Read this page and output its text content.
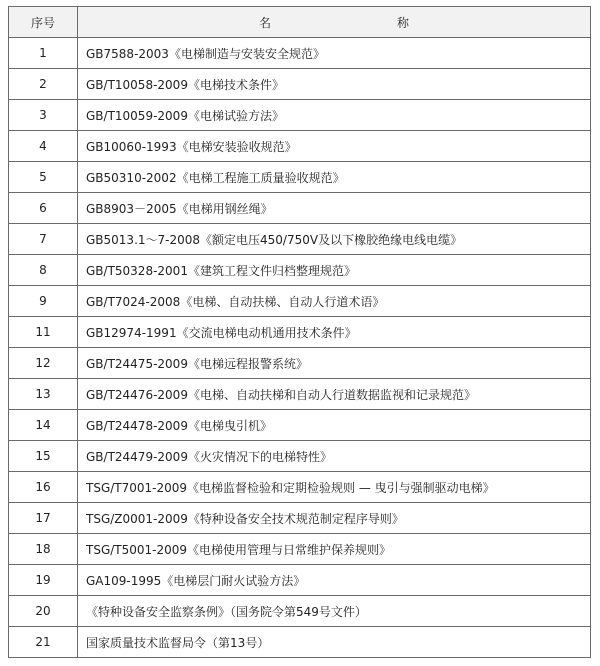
序号	名 称
1	GB7588-2003《电梯制造与安装安全规范》
2	GB/T10058-2009《电梯技术条件》
3	GB/T10059-2009《电梯试验方法》
4	GB10060-1993《电梯安装验收规范》
5	GB50310-2002《电梯工程施工质量验收规范》
6	GB8903－2005《电梯用钢丝绳》
7	GB5013.1～7-2008《额定电压450/750V及以下橡胶绝缘电线电缆》
8	GB/T50328-2001《建筑工程文件归档整理规范》
9	GB/T7024-2008《电梯、自动扶梯、自动人行道术语》
11	GB12974-1991《交流电梯电动机通用技术条件》
12	GB/T24475-2009《电梯远程报警系统》
13	GB/T24476-2009《电梯、自动扶梯和自动人行道数据监视和记录规范》
14	GB/T24478-2009《电梯曳引机》
15	GB/T24479-2009《火灾情况下的电梯特性》
16	TSG/T7001-2009《电梯监督检验和定期检验规则 — 曳引与强制驱动电梯》
17	TSG/Z0001-2009《特种设备安全技术规范制定程序导则》
18	TSG/T5001-2009《电梯使用管理与日常维护保养规则》
19	GA109-1995《电梯层门耐火试验方法》
20	《特种设备安全监察条例》（国务院令第549号文件）
21	国家质量技术监督局令（第13号）
